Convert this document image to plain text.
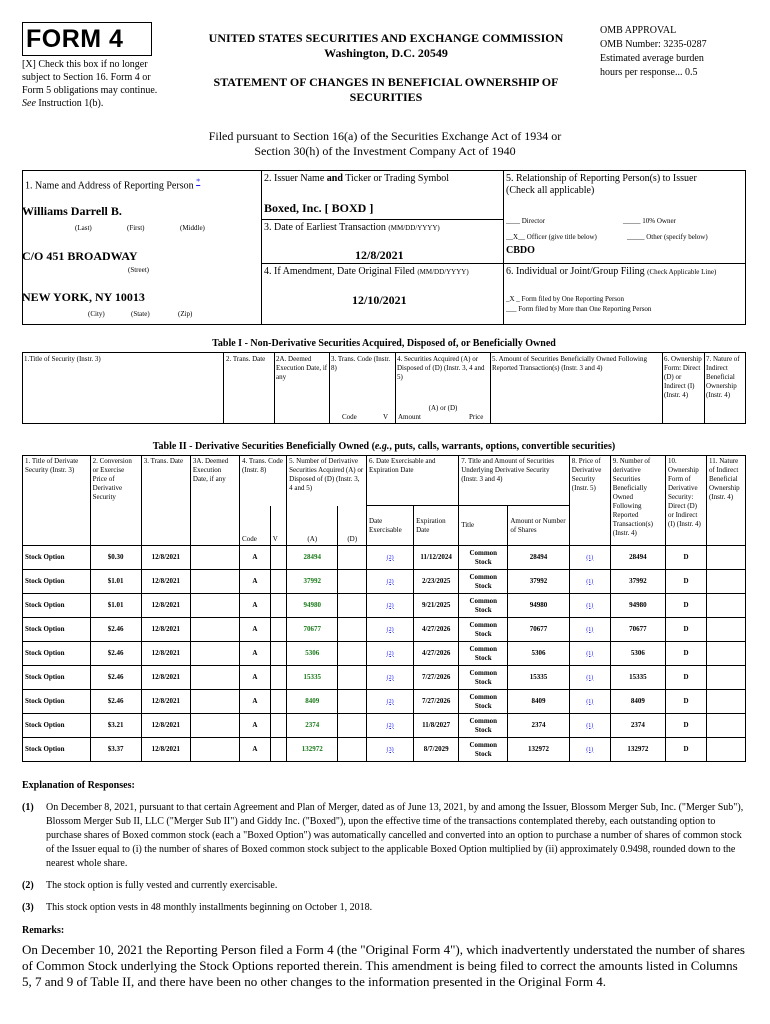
FORM 4
[X] Check this box if no longer subject to Section 16. Form 4 or Form 5 obligations may continue. See Instruction 1(b).
UNITED STATES SECURITIES AND EXCHANGE COMMISSION
Washington, D.C. 20549
STATEMENT OF CHANGES IN BENEFICIAL OWNERSHIP OF
SECURITIES
OMB APPROVAL
OMB Number: 3235-0287
Estimated average burden
hours per response... 0.5
Filed pursuant to Section 16(a) of the Securities Exchange Act of 1934 or
Section 30(h) of the Investment Company Act of 1940
1. Name and Address of Reporting Person *
Williams Darrell B.
(Last)	(First)	(Middle)
C/O 451 BROADWAY
(Street)
NEW YORK, NY 10013
(City)	(State)	(Zip)
2. Issuer Name and Ticker or Trading Symbol
Boxed, Inc. [ BOXD ]
3. Date of Earliest Transaction (MM/DD/YYYY)
12/8/2021
4. If Amendment, Date Original Filed (MM/DD/YYYY)
12/10/2021
5. Relationship of Reporting Person(s) to Issuer
(Check all applicable)
____ Director	_____ 10% Owner
__X__ Officer (give title below)	_____ Other (specify below)
CBDO
6. Individual or Joint/Group Filing (Check Applicable Line)
_X _ Form filed by One Reporting Person
___ Form filed by More than One Reporting Person
Table I - Non-Derivative Securities Acquired, Disposed of, or Beneficially Owned
1.Title of Security (Instr. 3)	2. Trans. Date	2A. Deemed Execution Date, if any
3. Trans. Code (Instr. 8)
4. Securities Acquired (A) or Disposed of (D) (Instr. 3, 4 and 5)
5. Amount of Securities Beneficially Owned Following Reported Transaction(s) (Instr. 3 and 4)
6. Ownership Form: Direct (D) or Indirect (I) (Instr. 4)
7. Nature of Indirect Beneficial Ownership (Instr. 4)
Code	V Amount
(A) or (D)
Price
Table II - Derivative Securities Beneficially Owned (e.g., puts, calls, warrants, options, convertible securities)
1. Title of Derivate Security (Instr. 3)	2. Conversion or Exercise Price of Derivative Security	3. Trans. Date	3A. Deemed Execution Date, if any	4. Trans. Code (Instr. 8)		5. Number of Derivative Securities Acquired (A) or Disposed of (D) (Instr. 3, 4 and 5)		6. Date Exercisable and Expiration Date		7. Title and Amount of Securities Underlying Derivative Security (Instr. 3 and 4)		8. Price of Derivative Security (Instr. 5)	9. Number of derivative Securities Beneficially Owned Following Reported Transaction(s) (Instr. 4)	10. Ownership Form of Derivative Security: Direct (D) or Indirect (I) (Instr. 4)	11. Nature of Indirect Beneficial Ownership (Instr. 4)
				Code	V	(A)	(D)	Date Exercisable	Expiration Date	Title	Amount or Number of Shares				
Stock Option	$0.30	12/8/2021		A		28494		(2)	11/12/2024	Common Stock	28494	(1)	28494	D	
Stock Option	$1.01	12/8/2021		A		37992		(2)	2/23/2025	Common Stock	37992	(1)	37992	D	
Stock Option	$1.01	12/8/2021		A		94980		(2)	9/21/2025	Common Stock	94980	(1)	94980	D	
Stock Option	$2.46	12/8/2021		A		70677		(2)	4/27/2026	Common Stock	70677	(1)	70677	D	
Stock Option	$2.46	12/8/2021		A		5306		(2)	4/27/2026	Common Stock	5306	(1)	5306	D	
Stock Option	$2.46	12/8/2021		A		15335		(2)	7/27/2026	Common Stock	15335	(1)	15335	D	
Stock Option	$2.46	12/8/2021		A		8409		(2)	7/27/2026	Common Stock	8409	(1)	8409	D	
Stock Option	$3.21	12/8/2021		A		2374		(2)	11/8/2027	Common Stock	2374	(1)	2374	D	
Stock Option	$3.37	12/8/2021		A		132972		(3)	8/7/2029	Common Stock	132972	(1)	132972	D	

Explanation of Responses:

(1)	On December 8, 2021, pursuant to that certain Agreement and Plan of Merger, dated as of June 13, 2021, by and among the Issuer, Blossom Merger Sub, Inc. ("Merger Sub"), Blossom Merger Sub II, LLC ("Merger Sub II") and Giddy Inc. ("Boxed"), upon the effective time of the transactions contemplated thereby, each outstanding option to purchase shares of Boxed common stock (each a "Boxed Option") was automatically cancelled and converted into an option to purchase a number of shares of common stock of the Issuer equal to (i) the number of shares of Boxed common stock subject to the applicable Boxed Option multiplied by (ii) approximately 0.9498, rounded down to the nearest whole share.
(2)	The stock option is fully vested and currently exercisable.
(3)	This stock option vests in 48 monthly installments beginning on October 1, 2018.
Remarks:
On December 10, 2021 the Reporting Person filed a Form 4 (the "Original Form 4"), which inadvertently understated the number of shares of Common Stock underlying the Stock Options reported therein. This amendment is being filed to correct the amounts listed in Columns 5, 7 and 9 of Table II, and there have been no other changes to the information presented in the Original Form 4.
